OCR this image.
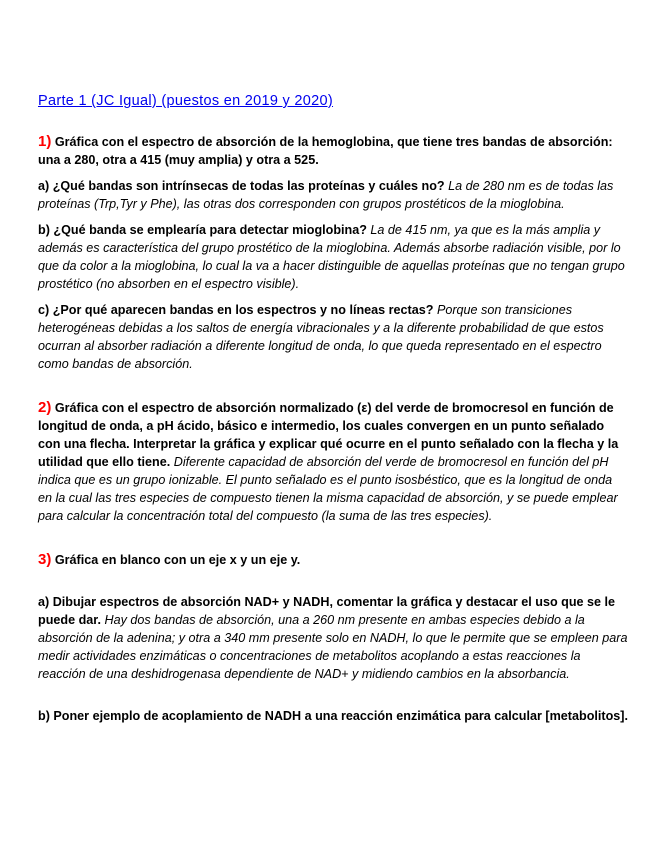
Parte 1 (JC Igual) (puestos en 2019 y 2020)

1) Gráfica con el espectro de absorción de la hemoglobina, que tiene tres bandas de absorción: una a 280, otra a 415 (muy amplia) y otra a 525.

a) ¿Qué bandas son intrínsecas de todas las proteínas y cuáles no? La de 280 nm es de todas las proteínas (Trp,Tyr y Phe), las otras dos corresponden con grupos prostéticos de la mioglobina.

b) ¿Qué banda se emplearía para detectar mioglobina? La de 415 nm, ya que es la más amplia y además es característica del grupo prostético de la mioglobina. Además absorbe radiación visible, por lo que da color a la mioglobina, lo cual la va a hacer distinguible de aquellas proteínas que no tengan grupo prostético (no absorben en el espectro visible).

c) ¿Por qué aparecen bandas en los espectros y no líneas rectas? Porque son transiciones heterogéneas debidas a los saltos de energía vibracionales y a la diferente probabilidad de que estos ocurran al absorber radiación a diferente longitud de onda, lo que queda representado en el espectro como bandas de absorción.

2) Gráfica con el espectro de absorción normalizado (ε) del verde de bromocresol en función de longitud de onda, a pH ácido, básico e intermedio, los cuales convergen en un punto señalado con una flecha. Interpretar la gráfica y explicar qué ocurre en el punto señalado con la flecha y la utilidad que ello tiene. Diferente capacidad de absorción del verde de bromocresol en función del pH indica que es un grupo ionizable. El punto señalado es el punto isosbéstico, que es la longitud de onda en la cual las tres especies de compuesto tienen la misma capacidad de absorción, y se puede emplear para calcular la concentración total del compuesto (la suma de las tres especies).

3) Gráfica en blanco con un eje x y un eje y.

a) Dibujar espectros de absorción NAD+ y NADH, comentar la gráfica y destacar el uso que se le puede dar. Hay dos bandas de absorción, una a 260 nm presente en ambas especies debido a la absorción de la adenina; y otra a 340 mm presente solo en NADH, lo que le permite que se empleen para medir actividades enzimáticas o concentraciones de metabolitos acoplando a estas reacciones la reacción de una deshidrogenasa dependiente de NAD+ y midiendo cambios en la absorbancia.

b) Poner ejemplo de acoplamiento de NADH a una reacción enzimática para calcular [metabolitos].
